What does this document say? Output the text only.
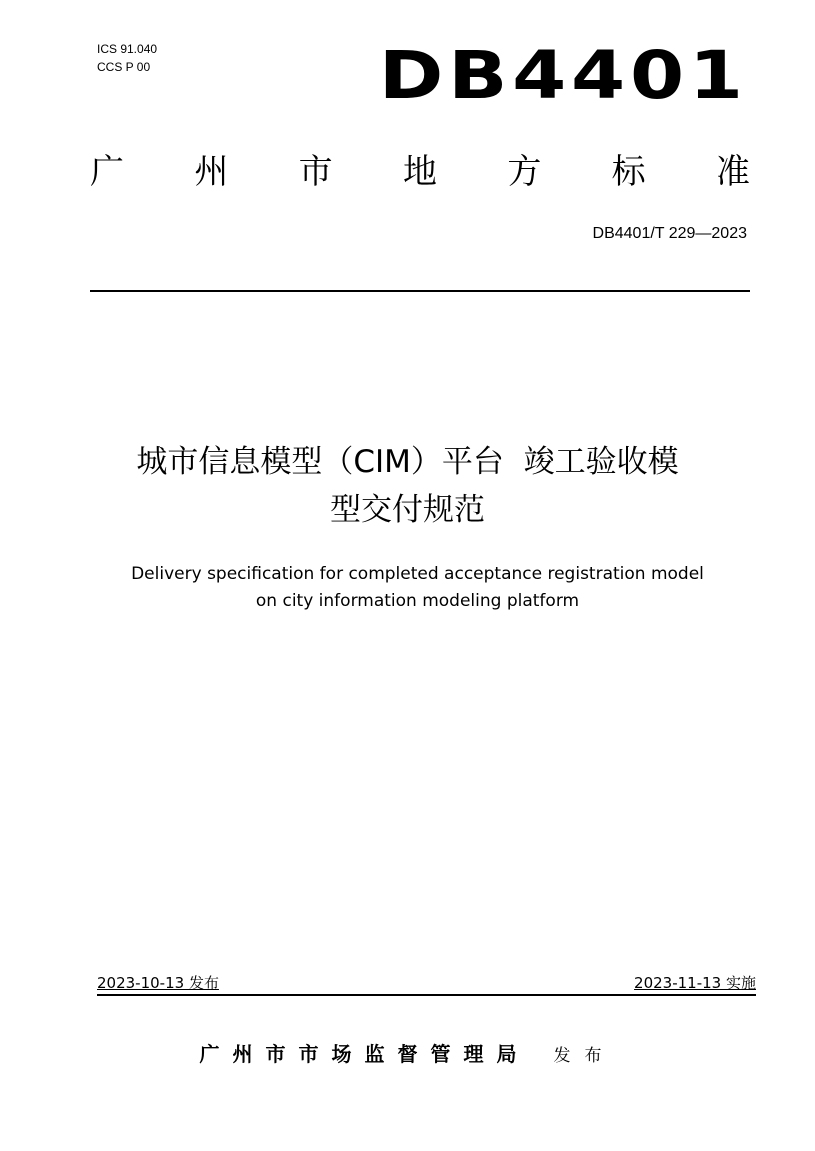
ICS 91.040
CCS P 00	DB4401
广 州 市 地 方 标 准
DB4401/T 229—2023
城市信息模型（CIM）平台  竣工验收模
型交付规范
Delivery specification for completed acceptance registration model
on city information modeling platform
2023-10-13 发布	2023-11-13 实施
广州市市场监督管理局 发布
